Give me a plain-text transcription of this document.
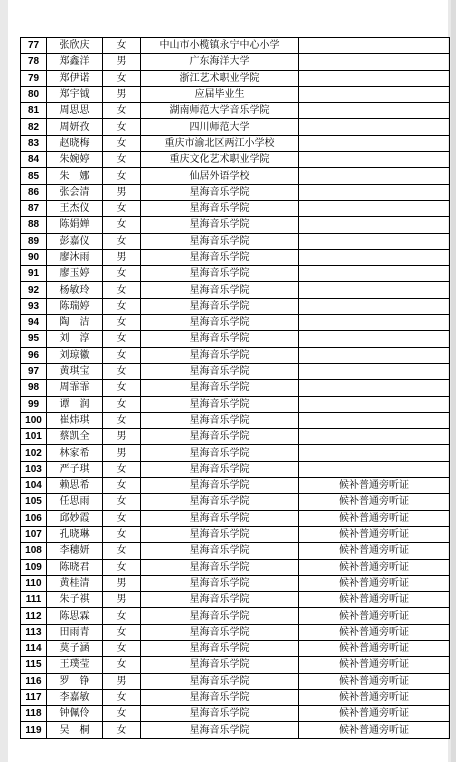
77	张欣庆	女	中山市小榄镇永宁中心小学	
78	郑鑫洋	男	广东海洋大学	
79	郑伊诺	女	浙江艺术职业学院	
80	郑宇钺	男	应届毕业生	
81	周思思	女	湖南师范大学音乐学院	
82	周妍孜	女	四川师范大学	
83	赵晓梅	女	重庆市渝北区两江小学校	
84	朱婉婷	女	重庆文化艺术职业学院	
85	朱　娜	女	仙居外语学校	
86	张会清	男	星海音乐学院	
87	王杰仪	女	星海音乐学院	
88	陈娟婵	女	星海音乐学院	
89	彭嘉仪	女	星海音乐学院	
90	廖沐雨	男	星海音乐学院	
91	廖玉婷	女	星海音乐学院	
92	杨敏玲	女	星海音乐学院	
93	陈瑞婷	女	星海音乐学院	
94	陶　洁	女	星海音乐学院	
95	刘　淳	女	星海音乐学院	
96	刘琼徽	女	星海音乐学院	
97	黄琪宝	女	星海音乐学院	
98	周霏霏	女	星海音乐学院	
99	谭　润	女	星海音乐学院	
100	崔炜琪	女	星海音乐学院	
101	蔡凯全	男	星海音乐学院	
102	林家希	男	星海音乐学院	
103	严子琪	女	星海音乐学院	
104	赖思希	女	星海音乐学院	候补普通旁听证
105	任思雨	女	星海音乐学院	候补普通旁听证
106	邱妙霞	女	星海音乐学院	候补普通旁听证
107	孔晓琳	女	星海音乐学院	候补普通旁听证
108	李穗妍	女	星海音乐学院	候补普通旁听证
109	陈晓君	女	星海音乐学院	候补普通旁听证
110	黄桂清	男	星海音乐学院	候补普通旁听证
111	朱子祺	男	星海音乐学院	候补普通旁听证
112	陈思霖	女	星海音乐学院	候补普通旁听证
113	田雨青	女	星海音乐学院	候补普通旁听证
114	莫子涵	女	星海音乐学院	候补普通旁听证
115	王璞莹	女	星海音乐学院	候补普通旁听证
116	罗　铮	男	星海音乐学院	候补普通旁听证
117	李嘉敏	女	星海音乐学院	候补普通旁听证
118	钟佩伶	女	星海音乐学院	候补普通旁听证
119	吴　桐	女	星海音乐学院	候补普通旁听证
